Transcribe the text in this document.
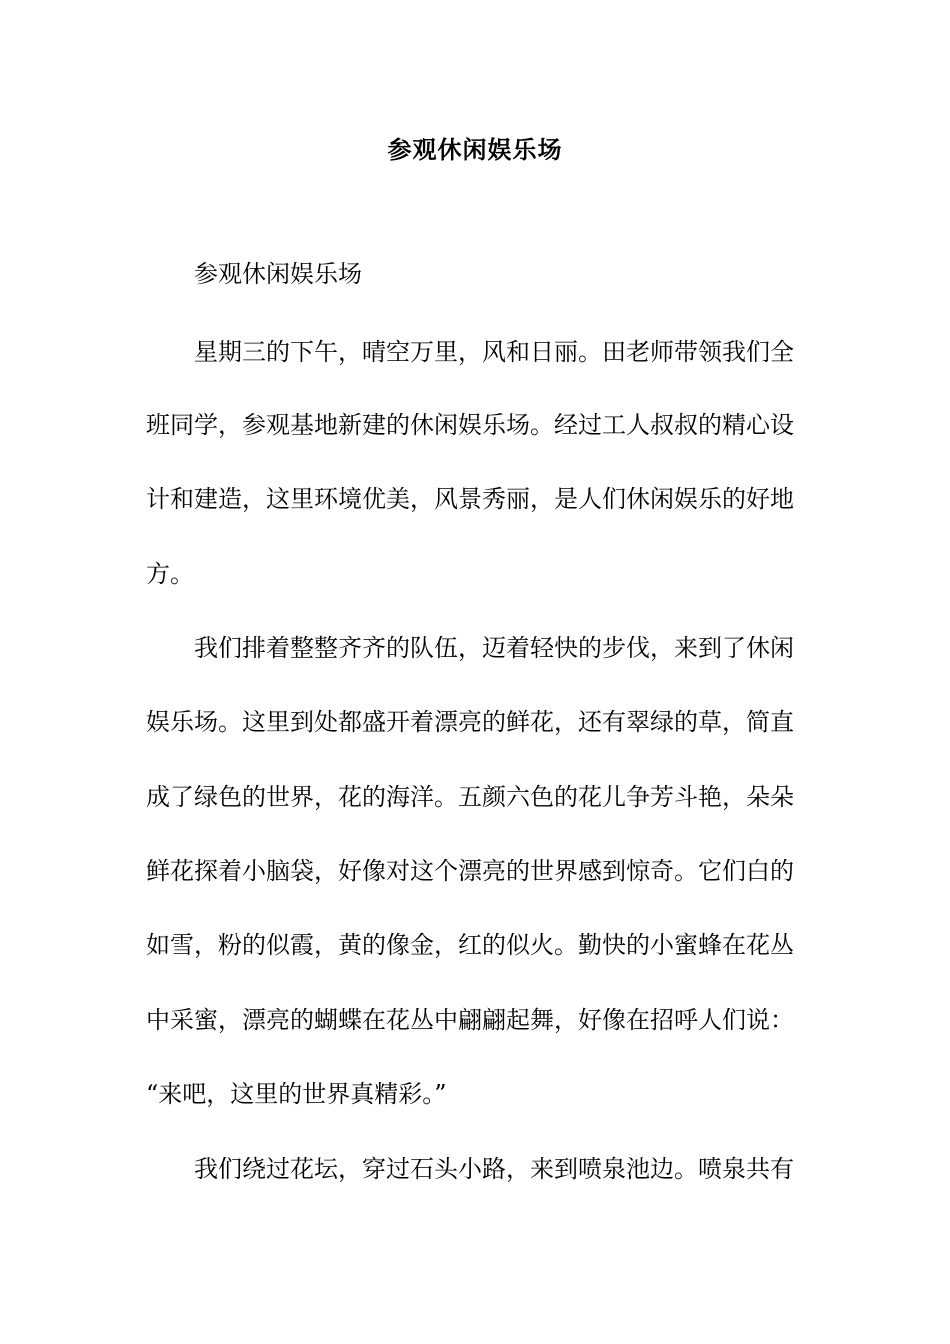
参观休闲娱乐场
参观休闲娱乐场
星期三的下午，晴空万里，风和日丽。田老师带领我们全
班同学，参观基地新建的休闲娱乐场。经过工人叔叔的精心设
计和建造，这里环境优美，风景秀丽，是人们休闲娱乐的好地
方。
我们排着整整齐齐的队伍，迈着轻快的步伐，来到了休闲
娱乐场。这里到处都盛开着漂亮的鲜花，还有翠绿的草，简直
成了绿色的世界，花的海洋。五颜六色的花儿争芳斗艳，朵朵
鲜花探着小脑袋，好像对这个漂亮的世界感到惊奇。它们白的
如雪，粉的似霞，黄的像金，红的似火。勤快的小蜜蜂在花丛
中采蜜，漂亮的蝴蝶在花丛中翩翩起舞，好像在招呼人们说：
“来吧，这里的世界真精彩。”
我们绕过花坛，穿过石头小路，来到喷泉池边。喷泉共有
